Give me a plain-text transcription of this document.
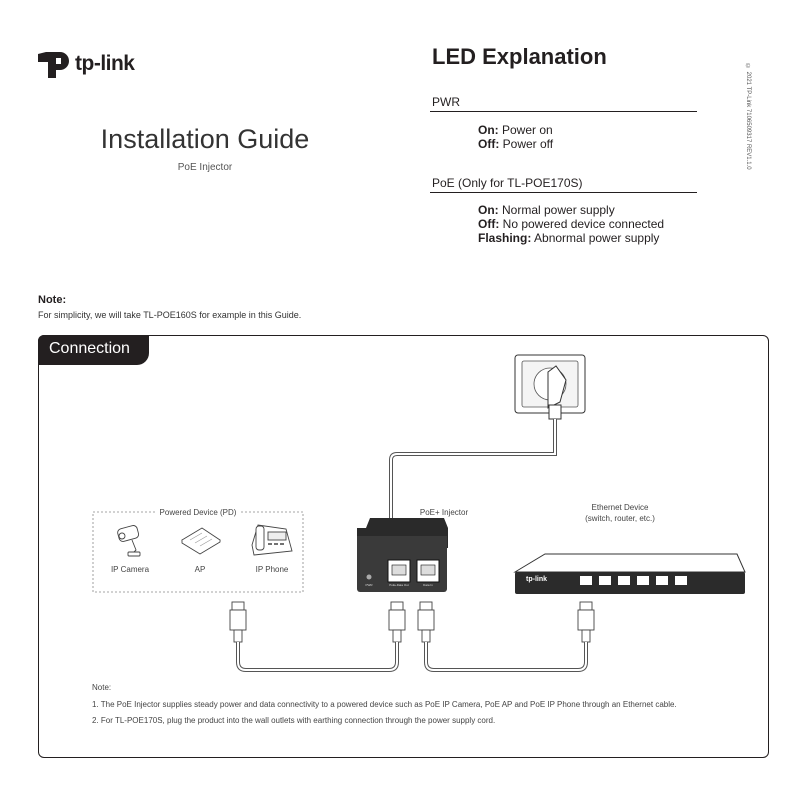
tp-link
Installation Guide
PoE Injector
LED Explanation
PWR
On: Power on
Off: Power off
PoE (Only for TL-POE170S)
On: Normal power supply
Off: No powered device connected
Flashing: Abnormal power supply
© 2021 TP-Link 7106509317 REV1.1.0
Note:
For simplicity, we will take TL-POE160S for example in this Guide.
Connection
Powered Device (PD)
IP Camera	AP	IP Phone
PoE+ Injector
PoE+Data Out	Data In
PWR
Ethernet Device
(switch, router, etc.)
tp-link
Note:
1. The PoE Injector supplies steady power and data connectivity to a powered device such as PoE IP Camera, PoE AP and PoE IP Phone through an Ethernet cable.
2. For TL-POE170S, plug the product into the wall outlets with earthing connection through the power supply cord.
